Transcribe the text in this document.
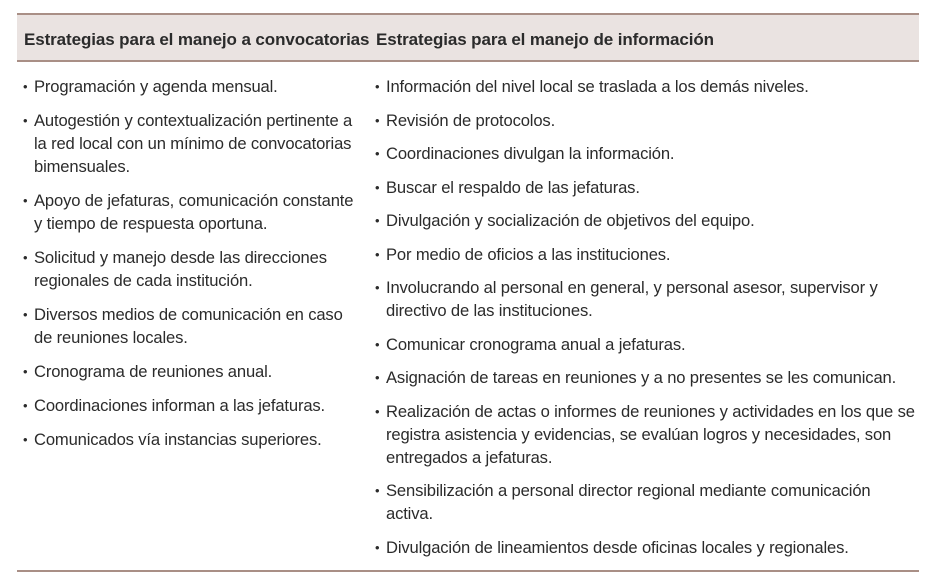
Estrategias para el manejo a convocatorias Estrategias para el manejo de información
• Programación y agenda mensual.
• Autogestión y contextualización pertinente a la red local con un mínimo de convocatorias bimensuales.
• Apoyo de jefaturas, comunicación constante y tiempo de respuesta oportuna.
• Solicitud y manejo desde las direcciones regionales de cada institución.
• Diversos medios de comunicación en caso de reuniones locales.
• Cronograma de reuniones anual.
• Coordinaciones informan a las jefaturas.
• Comunicados vía instancias superiores.
• Información del nivel local se traslada a los demás niveles.
• Revisión de protocolos.
• Coordinaciones divulgan la información.
• Buscar el respaldo de las jefaturas.
• Divulgación y socialización de objetivos del equipo.
• Por medio de oficios a las instituciones.
• Involucrando al personal en general, y personal asesor, supervisor y directivo de las instituciones.
• Comunicar cronograma anual a jefaturas.
• Asignación de tareas en reuniones y a no presentes se les comunican.
• Realización de actas o informes de reuniones y actividades en los que se registra asistencia y evidencias, se evalúan logros y necesidades, son entregados a jefaturas.
• Sensibilización a personal director regional mediante comunicación activa.
• Divulgación de lineamientos desde oficinas locales y regionales.
